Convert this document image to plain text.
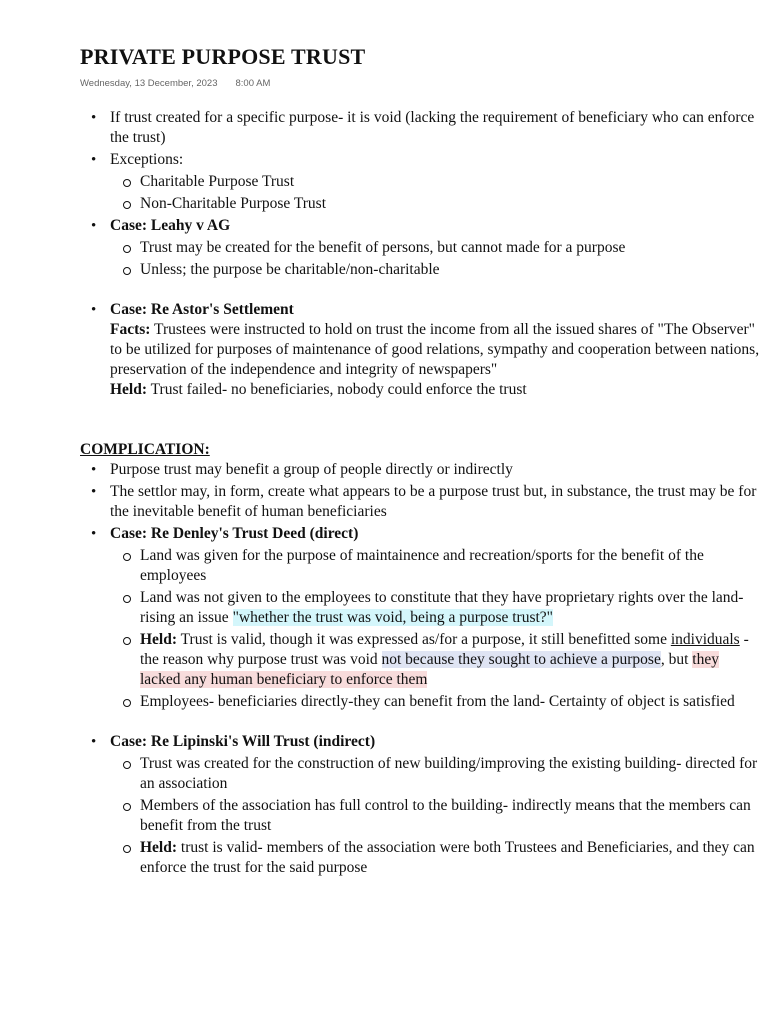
PRIVATE PURPOSE TRUST
Wednesday, 13 December, 2023 8:00 AM
• If trust created for a specific purpose- it is void (lacking the requirement of beneficiary who can enforce the trust)
• Exceptions:
Charitable Purpose Trust
Non-Charitable Purpose Trust
• Case: Leahy v AG
Trust may be created for the benefit of persons, but cannot made for a purpose
Unless; the purpose be charitable/non-charitable
• Case: Re Astor's Settlement
Facts: Trustees were instructed to hold on trust the income from all the issued shares of "The Observer" to be utilized for purposes of maintenance of good relations, sympathy and cooperation between nations, preservation of the independence and integrity of newspapers"
Held: Trust failed- no beneficiaries, nobody could enforce the trust
COMPLICATION:
• Purpose trust may benefit a group of people directly or indirectly
• The settlor may, in form, create what appears to be a purpose trust but, in substance, the trust may be for the inevitable benefit of human beneficiaries
• Case: Re Denley's Trust Deed (direct)
Land was given for the purpose of maintainence and recreation/sports for the benefit of the employees
Land was not given to the employees to constitute that they have proprietary rights over the land- rising an issue "whether the trust was void, being a purpose trust?"
Held: Trust is valid, though it was expressed as/for a purpose, it still benefitted some individuals - the reason why purpose trust was void not because they sought to achieve a purpose, but they lacked any human beneficiary to enforce them
Employees- beneficiaries directly-they can benefit from the land- Certainty of object is satisfied
• Case: Re Lipinski's Will Trust (indirect)
Trust was created for the construction of new building/improving the existing building- directed for an association
Members of the association has full control to the building- indirectly means that the members can benefit from the trust
Held: trust is valid- members of the association were both Trustees and Beneficiaries, and they can enforce the trust for the said purpose
